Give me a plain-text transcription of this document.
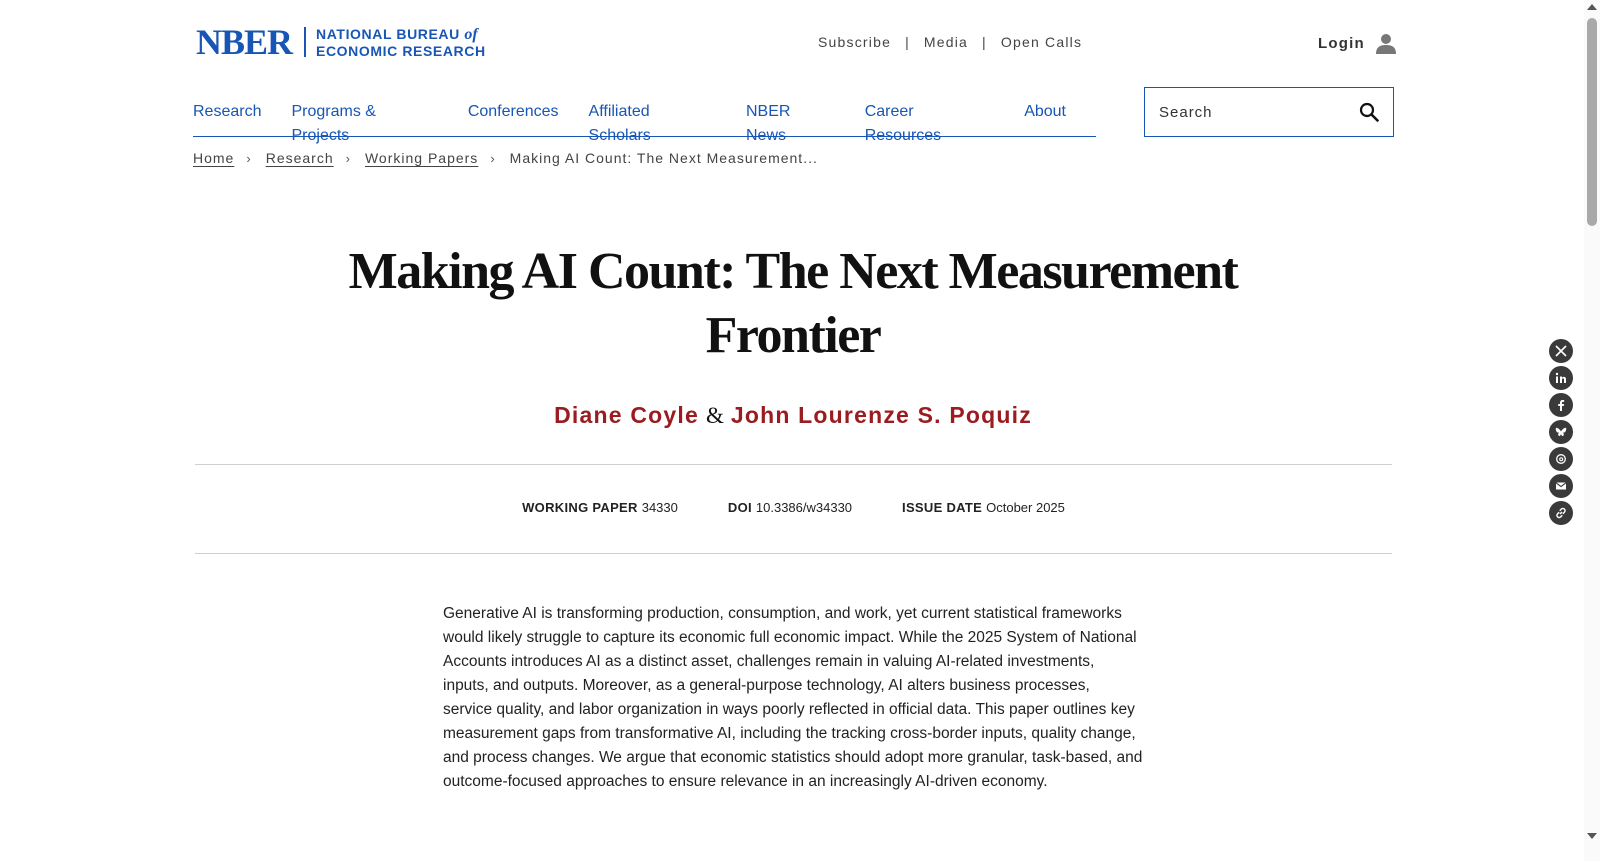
NBER NATIONAL BUREAU of
ECONOMIC RESEARCH
Subscribe | Media | Open Calls	Login
Research Programs & Projects
Conferences Affiliated Scholars
NBER News
Career Resources
About
Search
Home › Research › Working Papers › Making AI Count: The Next Measurement...
Making AI Count: The Next Measurement Frontier
Diane Coyle & John Lourenze S. Poquiz
WORKING PAPER 34330	DOI 10.3386/w34330	ISSUE DATE October 2025

Generative AI is transforming production, consumption, and work, yet current statistical frameworks would likely struggle to capture its economic full economic impact. While the 2025 System of National Accounts introduces AI as a distinct asset, challenges remain in valuing AI-related investments, inputs, and outputs. Moreover, as a general-purpose technology, AI alters business processes, service quality, and labor organization in ways poorly reflected in official data. This paper outlines key measurement gaps from transformative AI, including the tracking cross-border inputs, quality change, and process changes. We argue that economic statistics should adopt more granular, task-based, and outcome-focused approaches to ensure relevance in an increasingly AI-driven economy.
